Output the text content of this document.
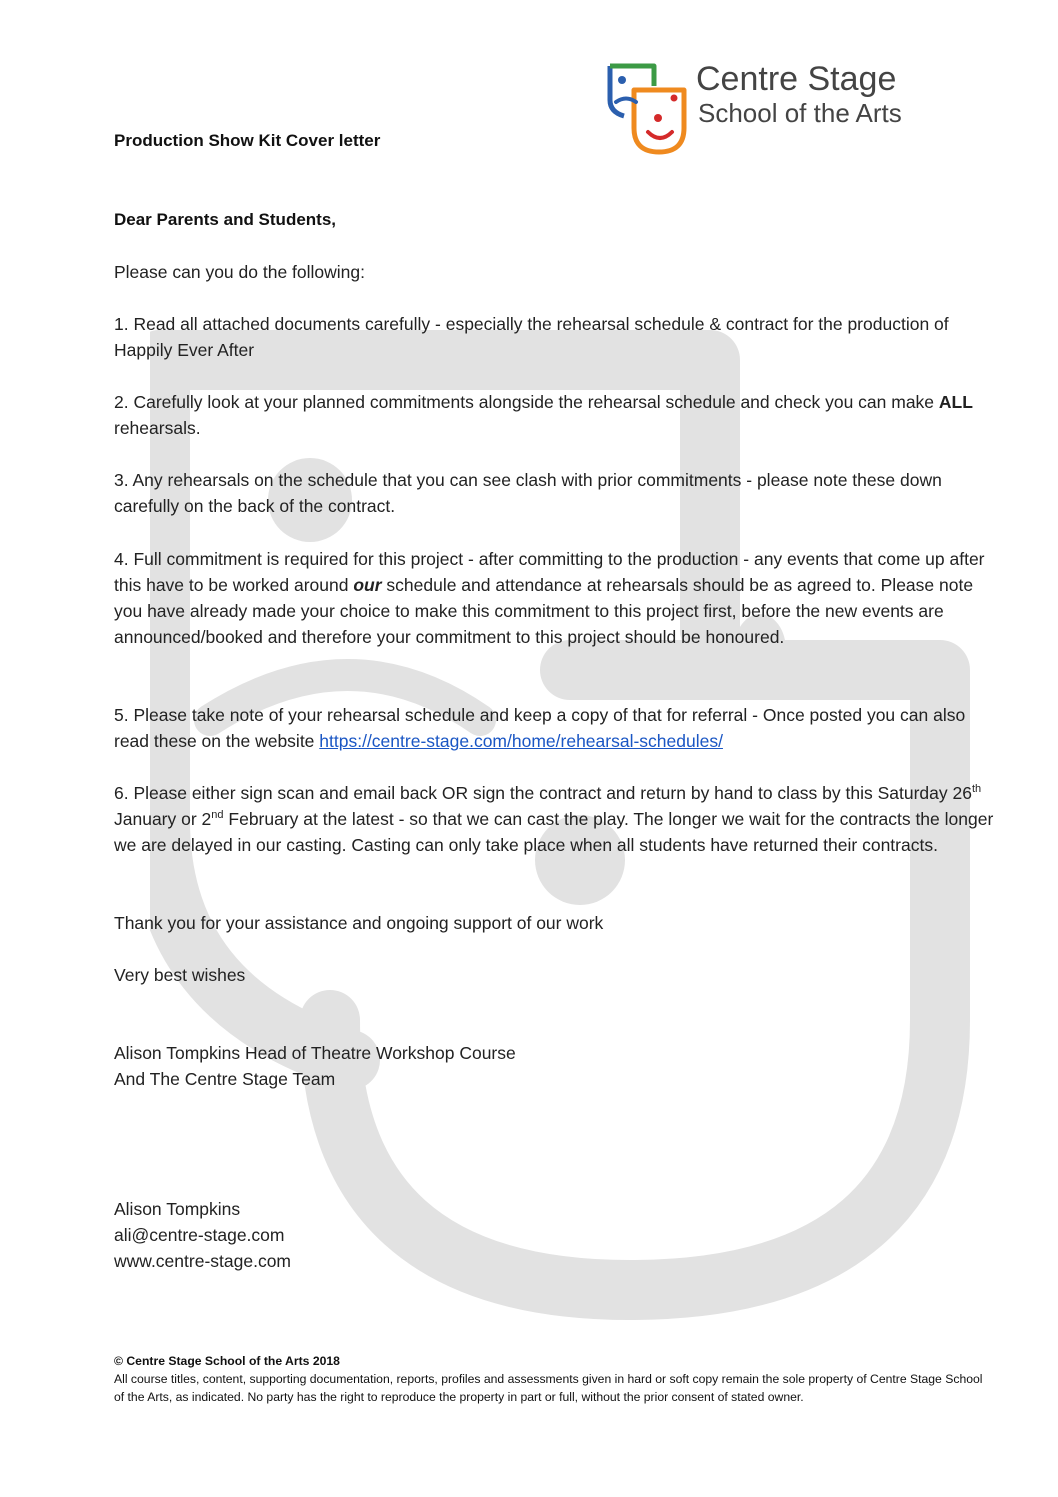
Centre Stage
School of the Arts
Production Show Kit Cover letter
Dear Parents and Students,

Please can you do the following:

1. Read all attached documents carefully - especially the rehearsal schedule & contract for the production of Happily Ever After

2. Carefully look at your planned commitments alongside the rehearsal schedule and check you can make ALL rehearsals.

3. Any rehearsals on the schedule that you can see clash with prior commitments - please note these down carefully on the back of the contract.

4. Full commitment is required for this project - after committing to the production - any events that come up after this have to be worked around our schedule and attendance at rehearsals should be as agreed to. Please note you have already made your choice to make this commitment to this project first, before the new events are announced/booked and therefore your commitment to this project should be honoured.

5. Please take note of your rehearsal schedule and keep a copy of that for referral - Once posted you can also read these on the website https://centre-stage.com/home/rehearsal-schedules/

6. Please either sign scan and email back OR sign the contract and return by hand to class by this Saturday 26th January or 2nd February at the latest - so that we can cast the play. The longer we wait for the contracts the longer we are delayed in our casting. Casting can only take place when all students have returned their contracts.

Thank you for your assistance and ongoing support of our work

Very best wishes

Alison Tompkins Head of Theatre Workshop Course

And The Centre Stage Team

Alison Tompkins

ali@centre-stage.com

www.centre-stage.com

© Centre Stage School of the Arts 2018
All course titles, content, supporting documentation, reports, profiles and assessments given in hard or soft copy remain the sole property of Centre Stage School of the Arts, as indicated. No party has the right to reproduce the property in part or full, without the prior consent of stated owner.
